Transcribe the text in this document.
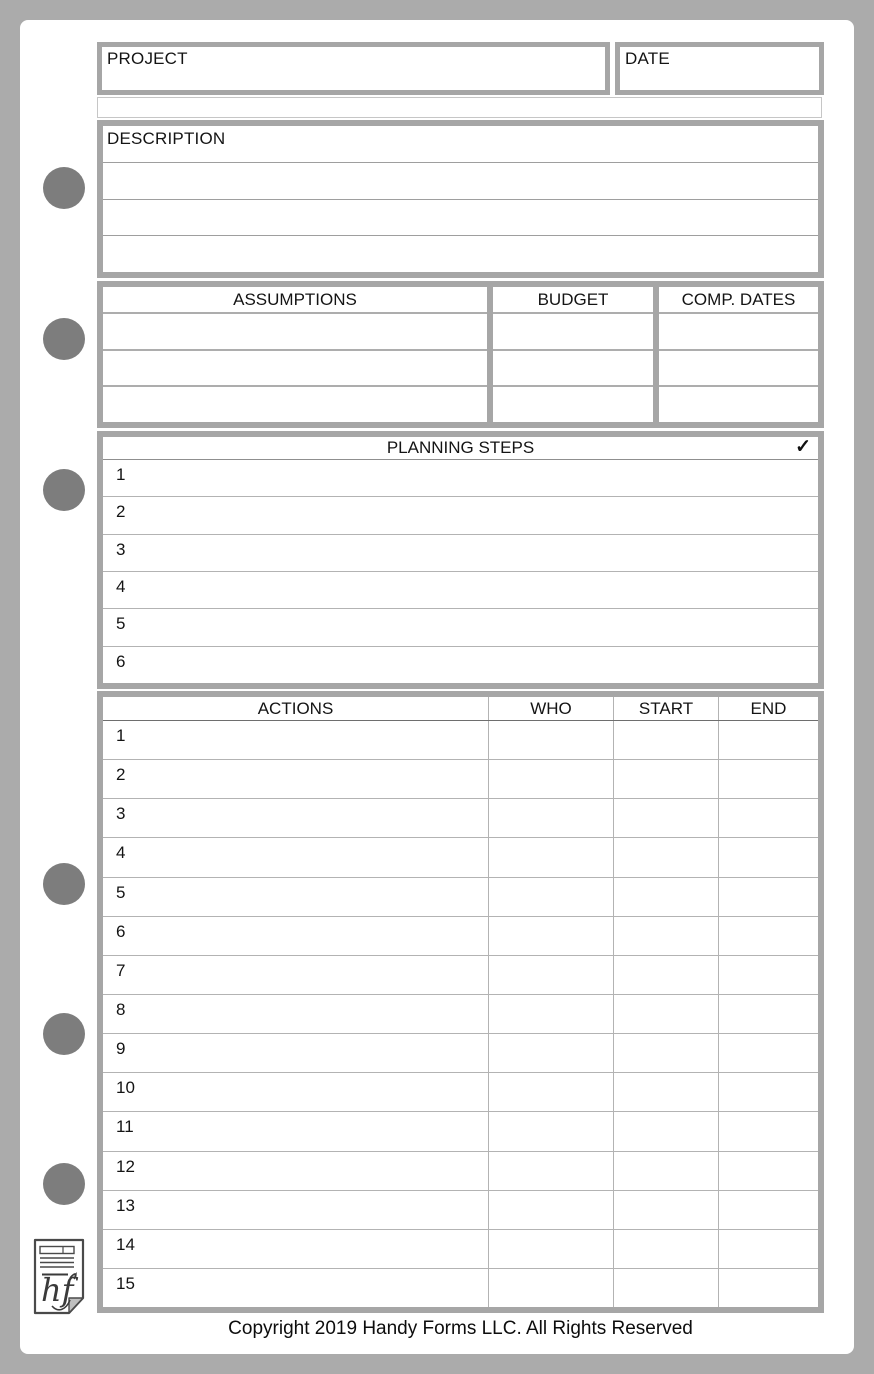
PROJECT	DATE
DESCRIPTION
ASSUMPTIONS	BUDGET	COMP. DATES
PLANNING STEPS	✓
1
2
3
4
5
6
ACTIONS	WHO	START	END
1
2
3
4
5
6
7
8
9
10
11
12
13
14
15
Copyright 2019 Handy Forms LLC. All Rights Reserved
hf
